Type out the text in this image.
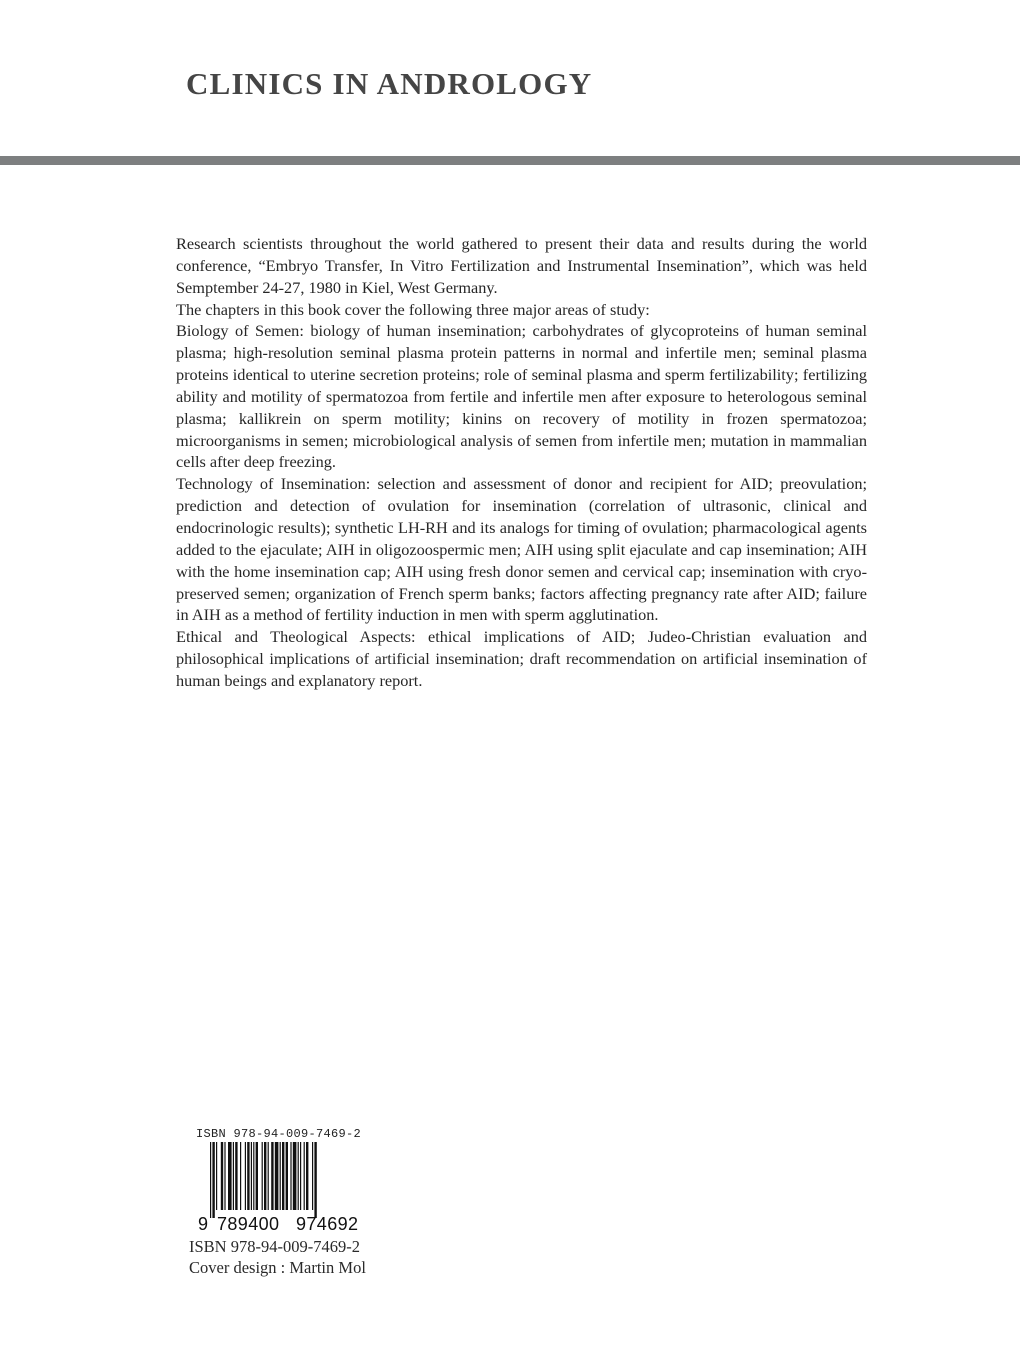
CLINICS IN ANDROLOGY

Research scientists throughout the world gathered to present their data and results during the world conference, “Embryo Transfer, In Vitro Fertilization and Instrumental Insemination”, which was held Semptember 24-27, 1980 in Kiel, West Germany.

The chapters in this book cover the following three major areas of study:

Biology of Semen: biology of human insemination; carbohydrates of glycoproteins of human seminal plasma; high-resolution seminal plasma protein patterns in normal and infertile men; seminal plasma proteins identical to uterine secretion proteins; role of seminal plasma and sperm fertilizability; fertilizing ability and motility of spermatozoa from fertile and infertile men after exposure to heterologous seminal plasma; kallikrein on sperm motility; kinins on recovery of motility in frozen spermatozoa; microorganisms in semen; microbiological analysis of semen from infertile men; mutation in mammalian cells after deep freezing.

Technology of Insemination: selection and assessment of donor and recipient for AID; preovulation; prediction and detection of ovulation for insemination (correlation of ultrasonic, clinical and endocrinologic results); synthetic LH-RH and its analogs for timing of ovulation; pharmacological agents added to the ejaculate; AIH in oligozoospermic men; AIH using split ejaculate and cap insemination; AIH with the home insemination cap; AIH using fresh donor semen and cervical cap; insemination with cryo-preserved semen; organization of French sperm banks; factors affecting pregnancy rate after AID; failure in AIH as a method of fertility induction in men with sperm agglutination.

Ethical and Theological Aspects: ethical implications of AID; Judeo-Christian evaluation and philosophical implications of artificial insemination; draft recommendation on artificial insemination of human beings and explanatory report.

ISBN 978-94-009-7469-2
9 789400 974692
ISBN 978-94-009-7469-2
Cover design : Martin Mol
